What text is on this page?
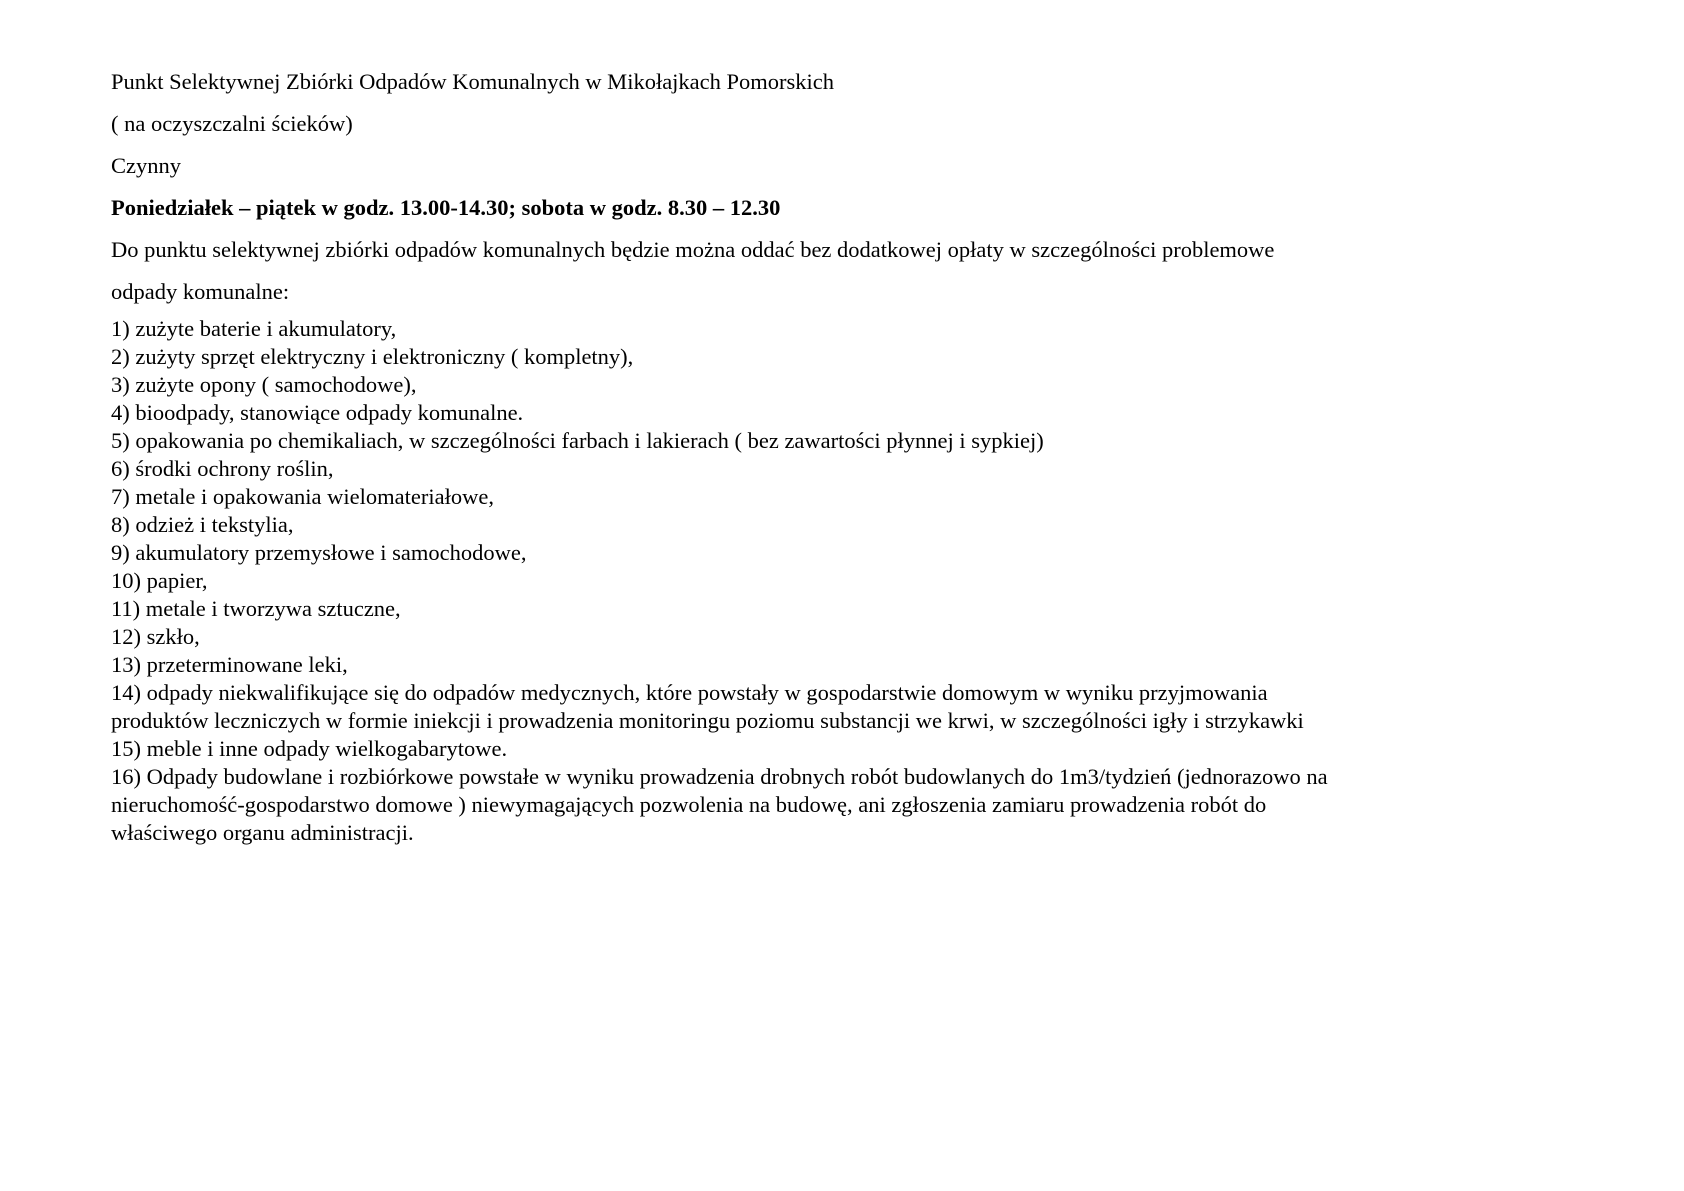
Punkt Selektywnej Zbiórki Odpadów Komunalnych w Mikołajkach Pomorskich

( na oczyszczalni ścieków)

Czynny

Poniedziałek – piątek w godz. 13.00-14.30; sobota w godz. 8.30 – 12.30

Do punktu selektywnej zbiórki odpadów komunalnych będzie można oddać bez dodatkowej opłaty w szczególności problemowe

odpady komunalne:

1) zużyte baterie i akumulatory,
2) zużyty sprzęt elektryczny i elektroniczny ( kompletny),
3) zużyte opony ( samochodowe),
4) bioodpady, stanowiące odpady komunalne.
5) opakowania po chemikaliach, w szczególności farbach i lakierach ( bez zawartości płynnej i sypkiej)
6) środki ochrony roślin,
7) metale i opakowania wielomateriałowe,
8) odzież i tekstylia,
9) akumulatory przemysłowe i samochodowe,
10) papier,
11) metale i tworzywa sztuczne,
12) szkło,
13) przeterminowane leki,
14) odpady niekwalifikujące się do odpadów medycznych, które powstały w gospodarstwie domowym w wyniku przyjmowania
produktów leczniczych w formie iniekcji i prowadzenia monitoringu poziomu substancji we krwi, w szczególności igły i strzykawki
15) meble i inne odpady wielkogabarytowe.
16) Odpady budowlane i rozbiórkowe powstałe w wyniku prowadzenia drobnych robót budowlanych do 1m3/tydzień (jednorazowo na
nieruchomość-gospodarstwo domowe ) niewymagających pozwolenia na budowę, ani zgłoszenia zamiaru prowadzenia robót do
właściwego organu administracji.
